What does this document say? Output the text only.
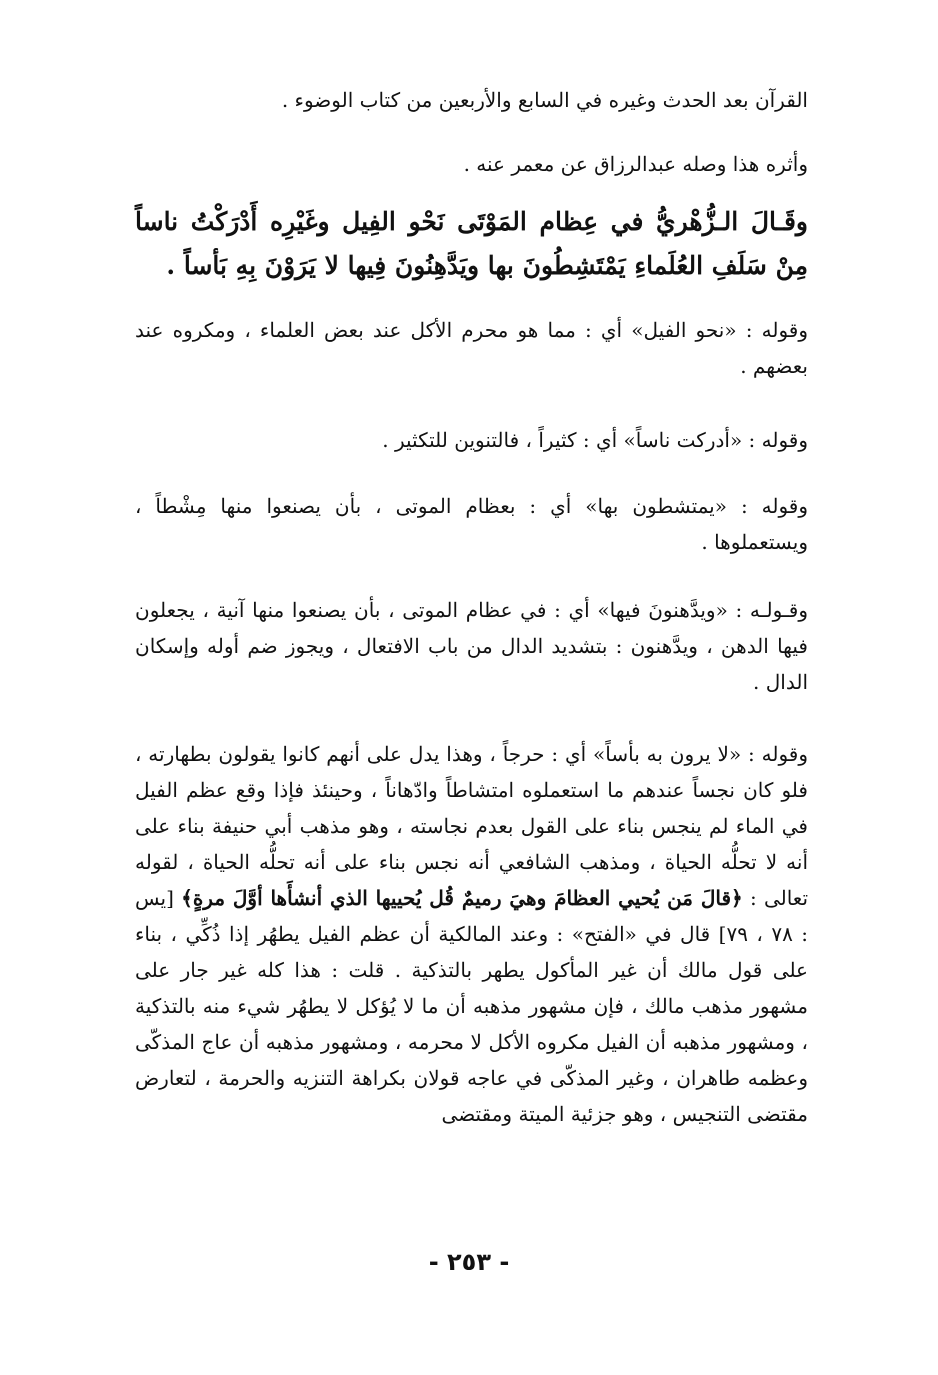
القرآن بعد الحدث وغيره في السابع والأربعين من كتاب الوضوء .

وأثره هذا وصله عبدالرزاق عن معمر عنه .

وقَـالَ الـزُّهْريُّ في عِظام المَوْتَى نَحْو الفِيل وغَيْرِه أَدْرَكْتُ ناساً مِنْ سَلَفِ العُلَماءِ يَمْتَشِطُونَ بها ويَدَّهِنُونَ فِيها لا يَرَوْنَ بِهِ بَأساً .

وقوله : «نحو الفيل» أي : مما هو محرم الأكل عند بعض العلماء ، ومكروه عند بعضهم .

وقوله : «أدركت ناساً» أي : كثيراً ، فالتنوين للتكثير .

وقوله : «يمتشطون بها» أي : بعظام الموتى ، بأن يصنعوا منها مِشْطاً ، ويستعملوها .

وقـولـه : «ويدَّهنونَ فيها» أي : في عظام الموتى ، بأن يصنعوا منها آنية ، يجعلون فيها الدهن ، ويدَّهنون : بتشديد الدال من باب الافتعال ، ويجوز ضم أوله وإسكان الدال .

وقوله : «لا يرون به بأساً» أي : حرجاً ، وهذا يدل على أنهم كانوا يقولون بطهارته ، فلو كان نجساً عندهم ما استعملوه امتشاطاً وادّهاناً ، وحينئذ فإذا وقع عظم الفيل في الماء لم ينجس بناء على القول بعدم نجاسته ، وهو مذهب أبي حنيفة بناء على أنه لا تحلُّه الحياة ، ومذهب الشافعي أنه نجس بناء على أنه تحلُّه الحياة ، لقوله تعالى : ﴿قالَ مَن يُحيي العظامَ وهيَ رميمٌ قُل يُحييها الذي أنشأَها أوَّلَ مرةٍ﴾ [يس : ٧٨ ، ٧٩] قال في «الفتح» : وعند المالكية أن عظم الفيل يطهُر إذا ذُكِّي ، بناء على قول مالك أن غير المأكول يطهر بالتذكية . قلت : هذا كله غير جار على مشهور مذهب مالك ، فإن مشهور مذهبه أن ما لا يُؤكل لا يطهُر شيء منه بالتذكية ، ومشهور مذهبه أن الفيل مكروه الأكل لا محرمه ، ومشهور مذهبه أن عاج المذكّى وعظمه طاهران ، وغير المذكّى في عاجه قولان بكراهة التنزيه والحرمة ، لتعارض مقتضى التنجيس ، وهو جزئية الميتة ومقتضى

- ٢٥٣ -
